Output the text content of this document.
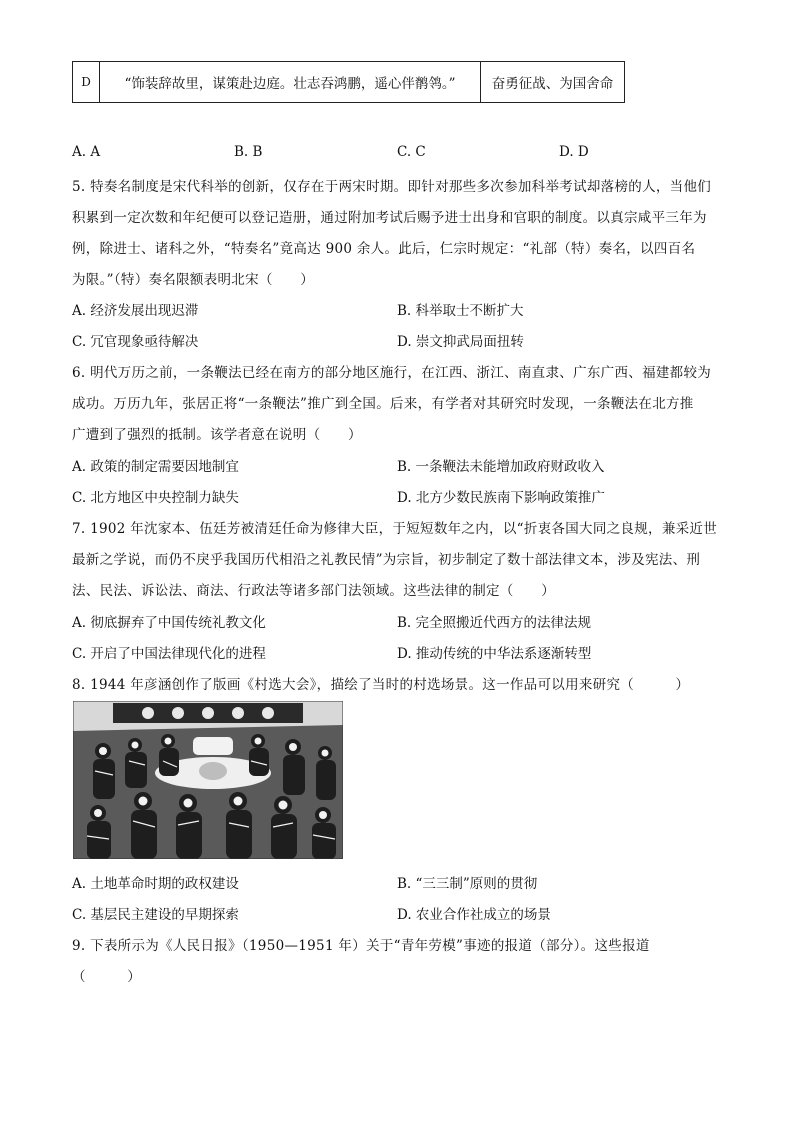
D	“饰装辞故里，谋策赴边庭。壮志吞鸿鹏，遥心伴鹡鸰。”	奋勇征战、为国舍命
A. A	B. B	C. C	D. D
5. 特奏名制度是宋代科举的创新，仅存在于两宋时期。即针对那些多次参加科举考试却落榜的人，当他们
积累到一定次数和年纪便可以登记造册，通过附加考试后赐予进士出身和官职的制度。以真宗咸平三年为
例，除进士、诸科之外，“特奏名”竟高达 900 余人。此后，仁宗时规定：“礼部（特）奏名，以四百名
为限。”（特）奏名限额表明北宋（　　）
A. 经济发展出现迟滞	B. 科举取士不断扩大
C. 冗官现象亟待解决	D. 崇文抑武局面扭转
6. 明代万历之前，一条鞭法已经在南方的部分地区施行，在江西、浙江、南直隶、广东广西、福建都较为
成功。万历九年，张居正将“一条鞭法”推广到全国。后来，有学者对其研究时发现，一条鞭法在北方推
广遭到了强烈的抵制。该学者意在说明（　　）
A. 政策的制定需要因地制宜	B. 一条鞭法未能增加政府财政收入
C. 北方地区中央控制力缺失	D. 北方少数民族南下影响政策推广
7. 1902 年沈家本、伍廷芳被清廷任命为修律大臣，于短短数年之内，以“折衷各国大同之良规，兼采近世
最新之学说，而仍不戾乎我国历代相沿之礼教民情”为宗旨，初步制定了数十部法律文本，涉及宪法、刑
法、民法、诉讼法、商法、行政法等诸多部门法领域。这些法律的制定（　　）
A. 彻底摒弃了中国传统礼教文化	B. 完全照搬近代西方的法律法规
C. 开启了中国法律现代化的进程	D. 推动传统的中华法系逐渐转型
8. 1944 年彦涵创作了版画《村选大会》，描绘了当时的村选场景。这一作品可以用来研究（　　　）
A. 土地革命时期的政权建设	B. “三三制”原则的贯彻
C. 基层民主建设的早期探索	D. 农业合作社成立的场景
9. 下表所示为《人民日报》（1950—1951 年）关于“青年劳模”事迹的报道（部分）。这些报道
（　　　）
